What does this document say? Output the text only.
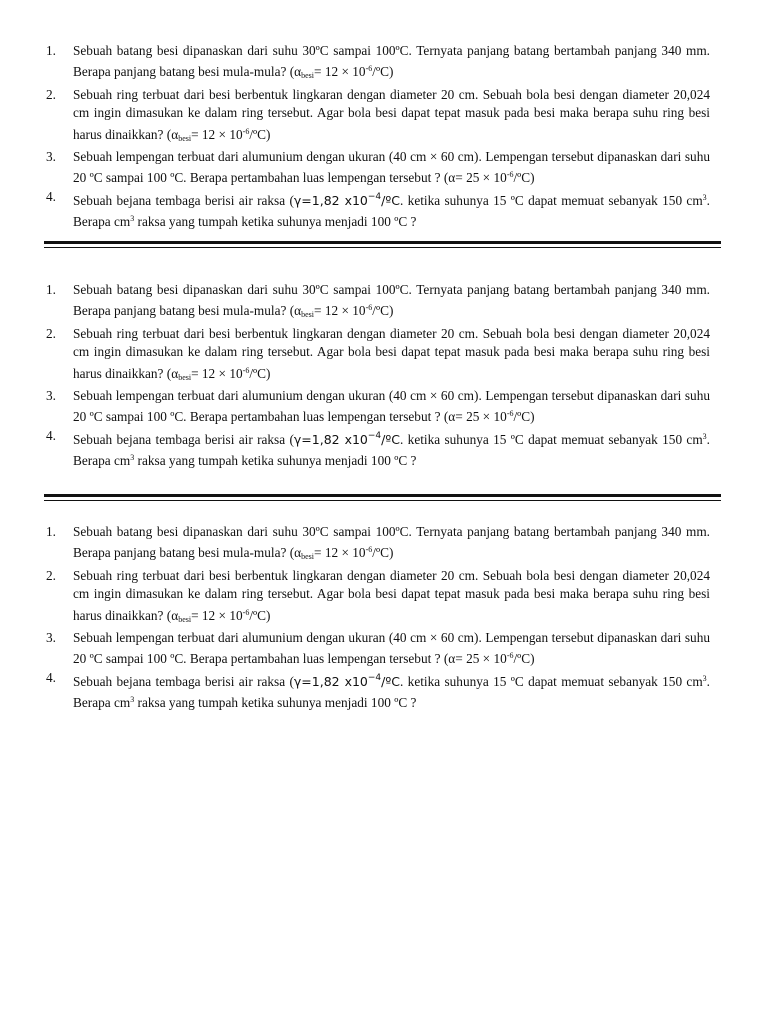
1. Sebuah batang besi dipanaskan dari suhu 30ºC sampai 100ºC. Ternyata panjang batang bertambah panjang 340 mm. Berapa panjang batang besi mula-mula? ($\alpha_{besi}= 12$ × $10^{-6}/ºC$)
2. Sebuah ring terbuat dari besi berbentuk lingkaran dengan diameter 20 cm. Sebuah bola besi dengan diameter 20,024 cm ingin dimasukan ke dalam ring tersebut. Agar bola besi dapat tepat masuk pada besi maka berapa suhu ring besi harus dinaikkan? ($\alpha_{besi}= 12$ × $10^{-6}/ºC$)
3. Sebuah lempengan terbuat dari alumunium dengan ukuran (40 cm × 60 cm). Lempengan tersebut dipanaskan dari suhu 20 ºC sampai 100 ºC. Berapa pertambahan luas lempengan tersebut ? $(\alpha= 25 \times 10^{-6}/ºC)$
4. Sebuah bejana tembaga berisi air raksa (γ=1,82 $x10^{-4}/ºC$. ketika suhunya 15 ºC dapat memuat sebanyak 150 $cm^3$. Berapa $cm^3$ raksa yang tumpah ketika suhunya menjadi 100 ºC ?
1. Sebuah batang besi dipanaskan dari suhu 30ºC sampai 100ºC. Ternyata panjang batang bertambah panjang 340 mm. Berapa panjang batang besi mula-mula? ($\alpha_{besi}= 12$ × $10^{-6}/ºC$)
2. Sebuah ring terbuat dari besi berbentuk lingkaran dengan diameter 20 cm. Sebuah bola besi dengan diameter 20,024 cm ingin dimasukan ke dalam ring tersebut. Agar bola besi dapat tepat masuk pada besi maka berapa suhu ring besi harus dinaikkan? ($\alpha_{besi}= 12$ × $10^{-6}/ºC$)
3. Sebuah lempengan terbuat dari alumunium dengan ukuran (40 cm × 60 cm). Lempengan tersebut dipanaskan dari suhu 20 ºC sampai 100 ºC. Berapa pertambahan luas lempengan tersebut ? $(\alpha= 25 \times 10^{-6}/ºC)$
4. Sebuah bejana tembaga berisi air raksa (γ=1,82 $x10^{-4}/ºC$. ketika suhunya 15 ºC dapat memuat sebanyak 150 $cm^3$. Berapa $cm^3$ raksa yang tumpah ketika suhunya menjadi 100 ºC ?
1. Sebuah batang besi dipanaskan dari suhu 30ºC sampai 100ºC. Ternyata panjang batang bertambah panjang 340 mm. Berapa panjang batang besi mula-mula? ($\alpha_{besi}= 12$ × $10^{-6}/ºC$)
2. Sebuah ring terbuat dari besi berbentuk lingkaran dengan diameter 20 cm. Sebuah bola besi dengan diameter 20,024 cm ingin dimasukan ke dalam ring tersebut. Agar bola besi dapat tepat masuk pada besi maka berapa suhu ring besi harus dinaikkan? ($\alpha_{besi}= 12$ × $10^{-6}/ºC$)
3. Sebuah lempengan terbuat dari alumunium dengan ukuran (40 cm × 60 cm). Lempengan tersebut dipanaskan dari suhu 20 ºC sampai 100 ºC. Berapa pertambahan luas lempengan tersebut ? $(\alpha= 25 \times 10^{-6}/ºC)$
4. Sebuah bejana tembaga berisi air raksa (γ=1,82 $x10^{-4}/ºC$. ketika suhunya 15 ºC dapat memuat sebanyak 150 $cm^3$. Berapa $cm^3$ raksa yang tumpah ketika suhunya menjadi 100 ºC ?
